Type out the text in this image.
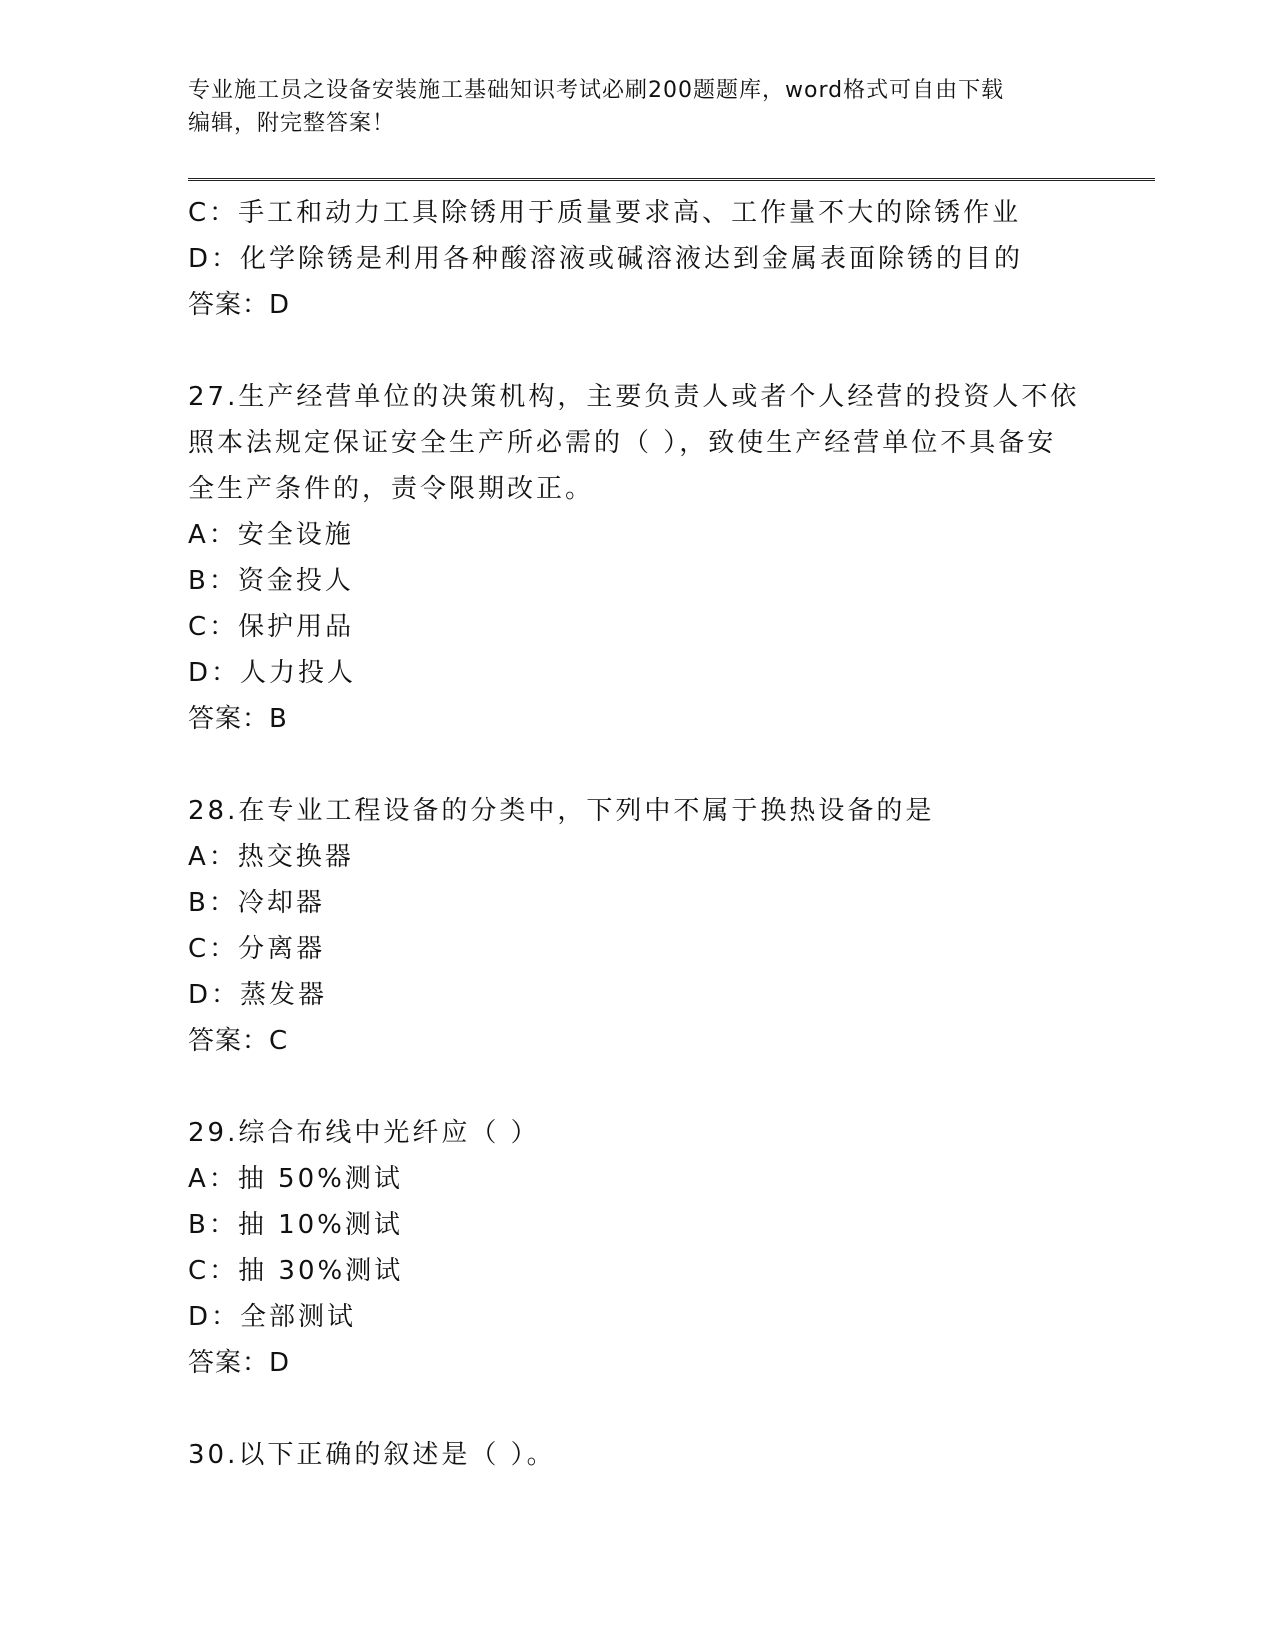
专业施工员之设备安装施工基础知识考试必刷200题题库，word格式可自由下载
编辑，附完整答案！
C：手工和动力工具除锈用于质量要求高、工作量不大的除锈作业
D：化学除锈是利用各种酸溶液或碱溶液达到金属表面除锈的目的
答案：D
27.生产经营单位的决策机构，主要负责人或者个人经营的投资人不依
照本法规定保证安全生产所必需的（ ），致使生产经营单位不具备安
全生产条件的，责令限期改正。
A：安全设施
B：资金投人
C：保护用品
D：人力投人
答案：B
28.在专业工程设备的分类中，下列中不属于换热设备的是
A：热交换器
B：冷却器
C：分离器
D：蒸发器
答案：C
29.综合布线中光纤应（ ）
A：抽 50%测试
B：抽 10%测试
C：抽 30%测试
D：全部测试
答案：D
30.以下正确的叙述是（ ）。
